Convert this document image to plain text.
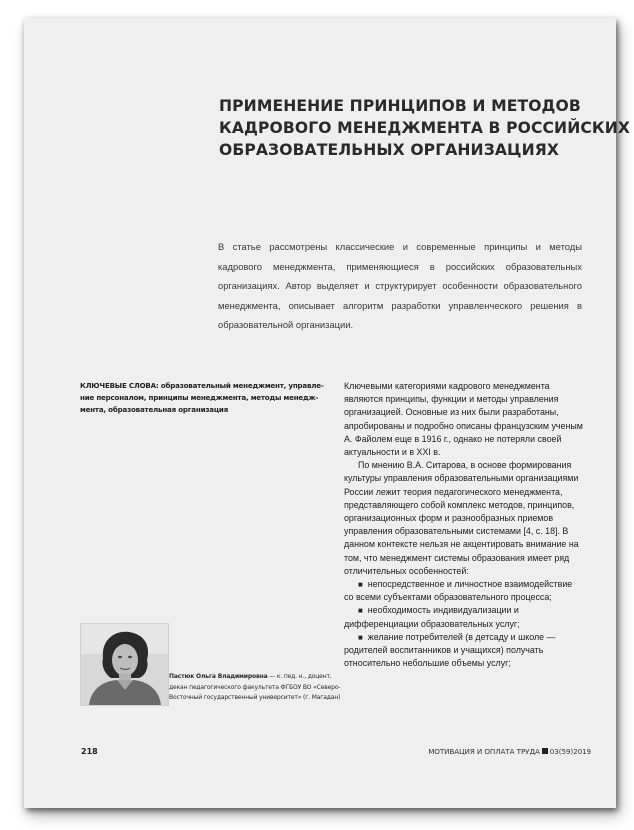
ПРИМЕНЕНИЕ ПРИНЦИПОВ И МЕТОДОВ
КАДРОВОГО МЕНЕДЖМЕНТА В РОССИЙСКИХ
ОБРАЗОВАТЕЛЬНЫХ ОРГАНИЗАЦИЯХ

В статье рассмотрены классические и современные принципы и методы кадрового менеджмента, применяющиеся в российских образовательных организациях. Автор выделяет и структурирует особенности образовательного менеджмента, описывает алгоритм разработки управленческого решения в образовательной организации.

КЛЮЧЕВЫЕ СЛОВА: образовательный менеджмент, управле-
ние персоналом, принципы менеджмента, методы менедж-
мента, образовательная организация

Ключевыми категориями кадрового менеджмента являются принципы, функции и методы управления организацией. Основные из них были разработаны, апробированы и подробно описаны французским ученым А. Файолем еще в 1916 г., однако не потеряли своей актуальности и в XXI в.

По мнению В.А. Ситарова, в основе формирования культуры управления образовательными организациями России лежит теория педагогического менеджмента, представляющего собой комплекс методов, принципов, организационных форм и разнообразных приемов управления образовательными системами [4, с. 18]. В данном контексте нельзя не акцентировать внимание на том, что менеджмент системы образования имеет ряд отличительных особенностей:

■ непосредственное и личностное взаимодействие со всеми субъектами образовательного процесса;

■ необходимость индивидуализации и дифференциации образовательных услуг;

■ желание потребителей (в детсаду и школе — родителей воспитанников и учащихся) получать относительно небольшие объемы услуг;

Пастюк Ольга Владимировна — к. пед. н., доцент,
декан педагогического факультета ФГБОУ ВО «Северо-
Восточный государственный университет» (г. Магадан)

218	МОТИВАЦИЯ И ОПЛАТА ТРУДА 03(59)2019
